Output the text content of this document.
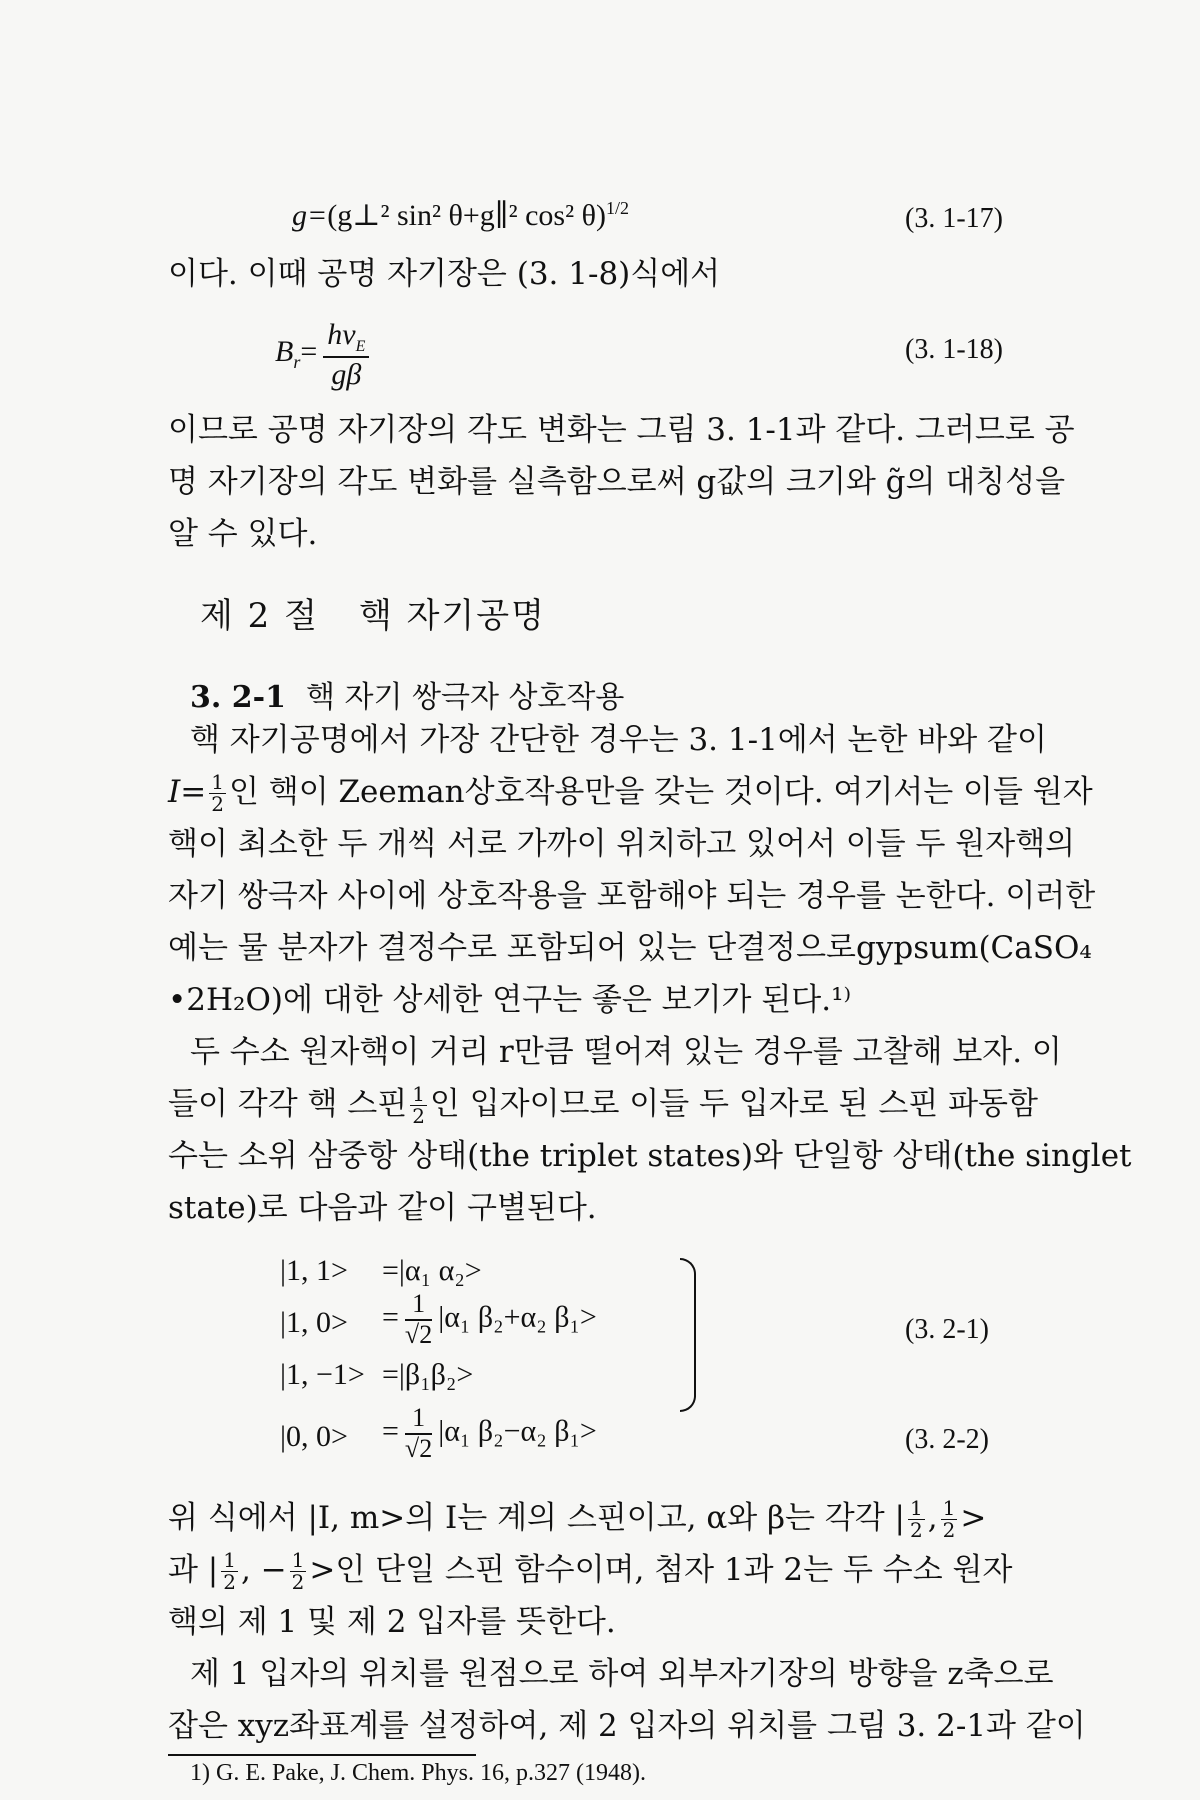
g=(g⊥² sin² θ+g∥² cos² θ)$^{1/2}$	(3. 1-17)
이다. 이때 공명 자기장은 (3. 1-8)식에서
$B_r= \frac{h\nu_E}{g\beta}$	(3. 1-18)
이므로 공명 자기장의 각도 변화는 그림 3. 1-1과 같다. 그러므로 공
명 자기장의 각도 변화를 실측함으로써 g값의 크기와 g̃의 대칭성을
알 수 있다.
제 2 절 핵 자기공명
3. 2-1 핵 자기 쌍극자 상호작용
핵 자기공명에서 가장 간단한 경우는 3. 1-1에서 논한 바와 같이
$I= \frac{1}{2}$ 인 핵이 Zeeman상호작용만을 갖는 것이다. 여기서는 이들 원자
핵이 최소한 두 개씩 서로 가까이 위치하고 있어서 이들 두 원자핵의
자기 쌍극자 사이에 상호작용을 포함해야 되는 경우를 논한다. 이러한
예는 물 분자가 결정수로 포함되어 있는 단결정으로gypsum(CaSO₄
•2H₂O)에 대한 상세한 연구는 좋은 보기가 된다.¹⁾
두 수소 원자핵이 거리 r만큼 떨어져 있는 경우를 고찰해 보자. 이
들이 각각 핵 스핀 $\frac{1}{2}$ 인 입자이므로 이들 두 입자로 된 스핀 파동함
수는 소위 삼중항 상태(the triplet states)와 단일항 상태(the singlet
state)로 다음과 같이 구별된다.
|1, 1> =|α₁ α₂>
|1, $0> = \frac{1}{√2} |\alpha_1$ β₂+α₂ β₁>
|1, −1> =|β₁β₂>
(3. 2-1)
|0, $0> = \frac{1}{√2} |\alpha_1$ β₂−α₂ β₁>	(3. 2-2)
위 식에서 |I, m>의 I는 계의 스핀이고, α와 β는 각각 | $\frac{1}{2}$ , $\frac{1}{2}$ >
과 | $\frac{1}{2}$ , − $\frac{1}{2}$ >인 단일 스핀 함수이며, 첨자 1과 2는 두 수소 원자
핵의 제 1 및 제 2 입자를 뜻한다.
제 1 입자의 위치를 원점으로 하여 외부자기장의 방향을 z축으로
잡은 xyz좌표계를 설정하여, 제 2 입자의 위치를 그림 3. 2-1과 같이
1) G. E. Pake, J. Chem. Phys. 16, p.327 (1948).
